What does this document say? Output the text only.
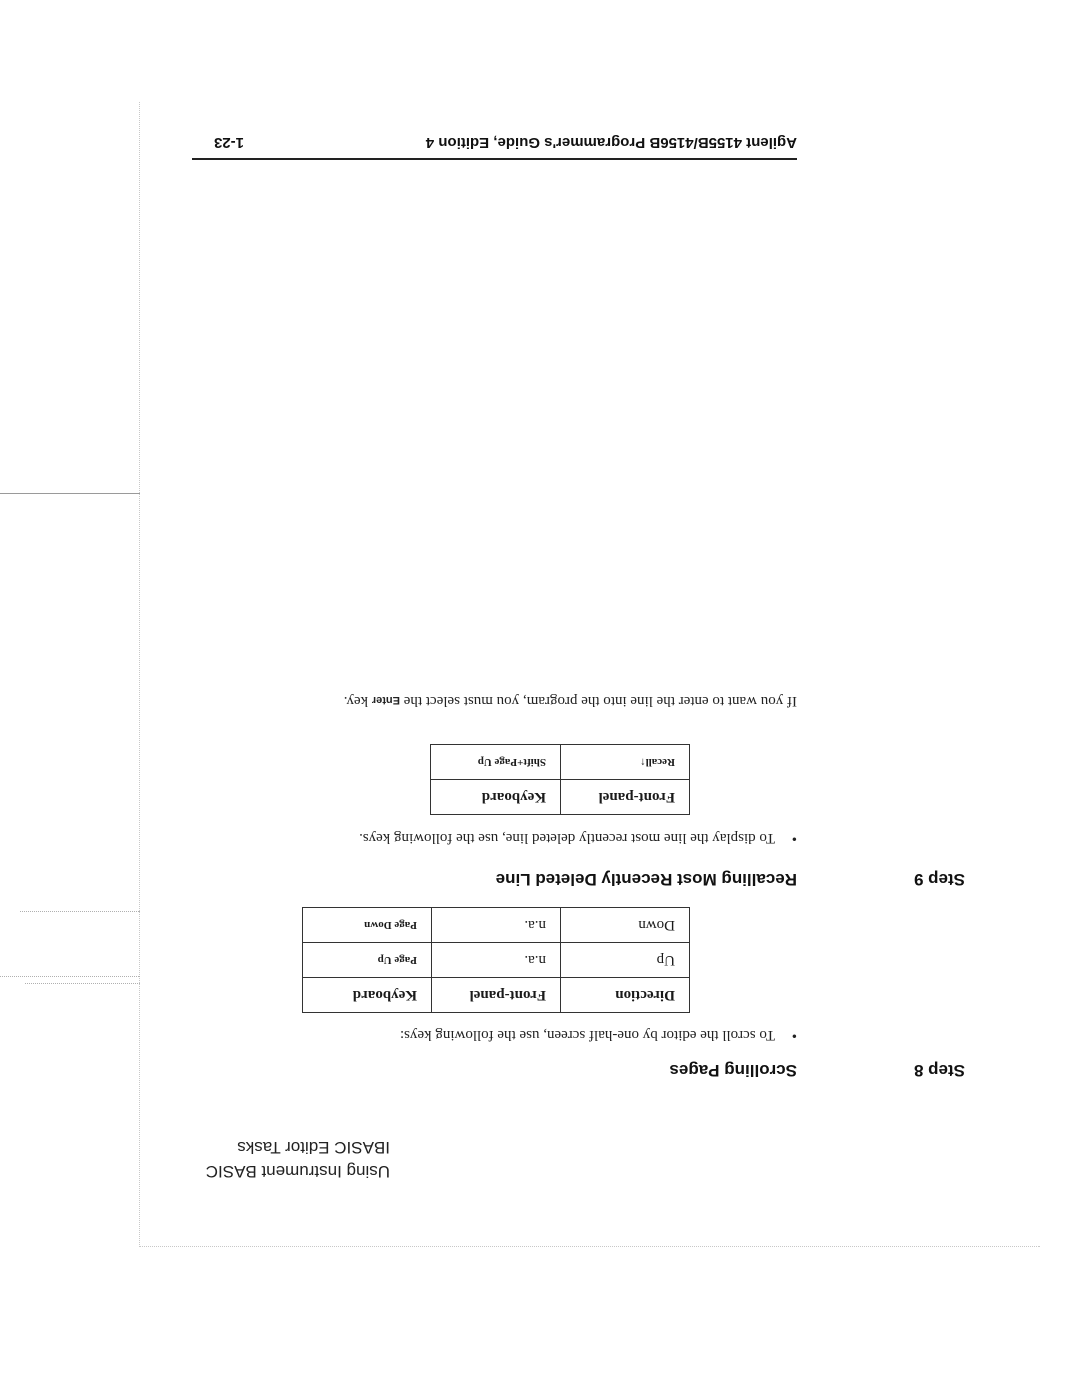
Using Instrument BASIC
IBASIC Editor Tasks
Step 8
Scrolling Pages
•To scroll the editor by one-half screen, use the following keys:
Direction	Front-panel	Keyboard
Up	n.a.	Page Up
Down	n.a.	Page Down
Step 9
Recalling Most Recently Deleted Line
•To display the line most recently deleted line, use the following keys.
Front-panel	Keyboard
Recall↑	Shift+Page Up
If you want to enter the line into the program, you must select the Enter key.
Agilent 4155B/4156B Programmer's Guide, Edition 4
1-23
